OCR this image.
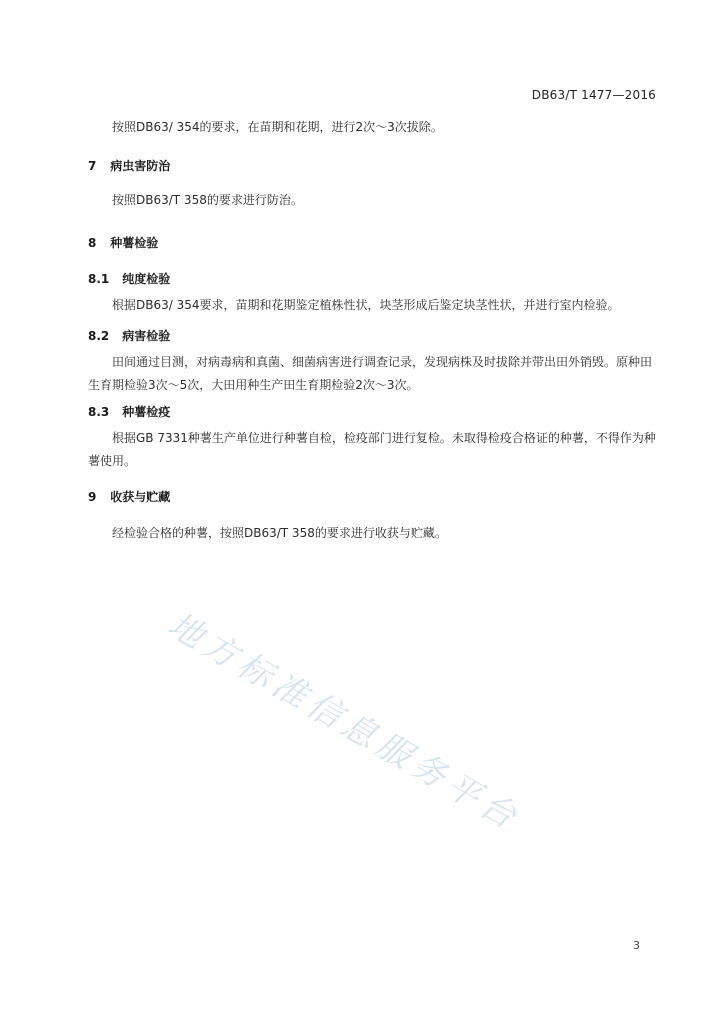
DB63/T 1477—2016
按照DB63/ 354的要求，在苗期和花期，进行2次～3次拔除。
7 病虫害防治
按照DB63/T 358的要求进行防治。
8 种薯检验
8.1 纯度检验
根据DB63/ 354要求，苗期和花期鉴定植株性状，块茎形成后鉴定块茎性状，并进行室内检验。
8.2 病害检验
田间通过目测，对病毒病和真菌、细菌病害进行调查记录，发现病株及时拔除并带出田外销毁。原种田生育期检验3次～5次，大田用种生产田生育期检验2次～3次。
8.3 种薯检疫
根据GB 7331种薯生产单位进行种薯自检，检疫部门进行复检。未取得检疫合格证的种薯，不得作为种薯使用。
9 收获与贮藏
经检验合格的种薯，按照DB63/T 358的要求进行收获与贮藏。
地方标准信息服务平台
3
